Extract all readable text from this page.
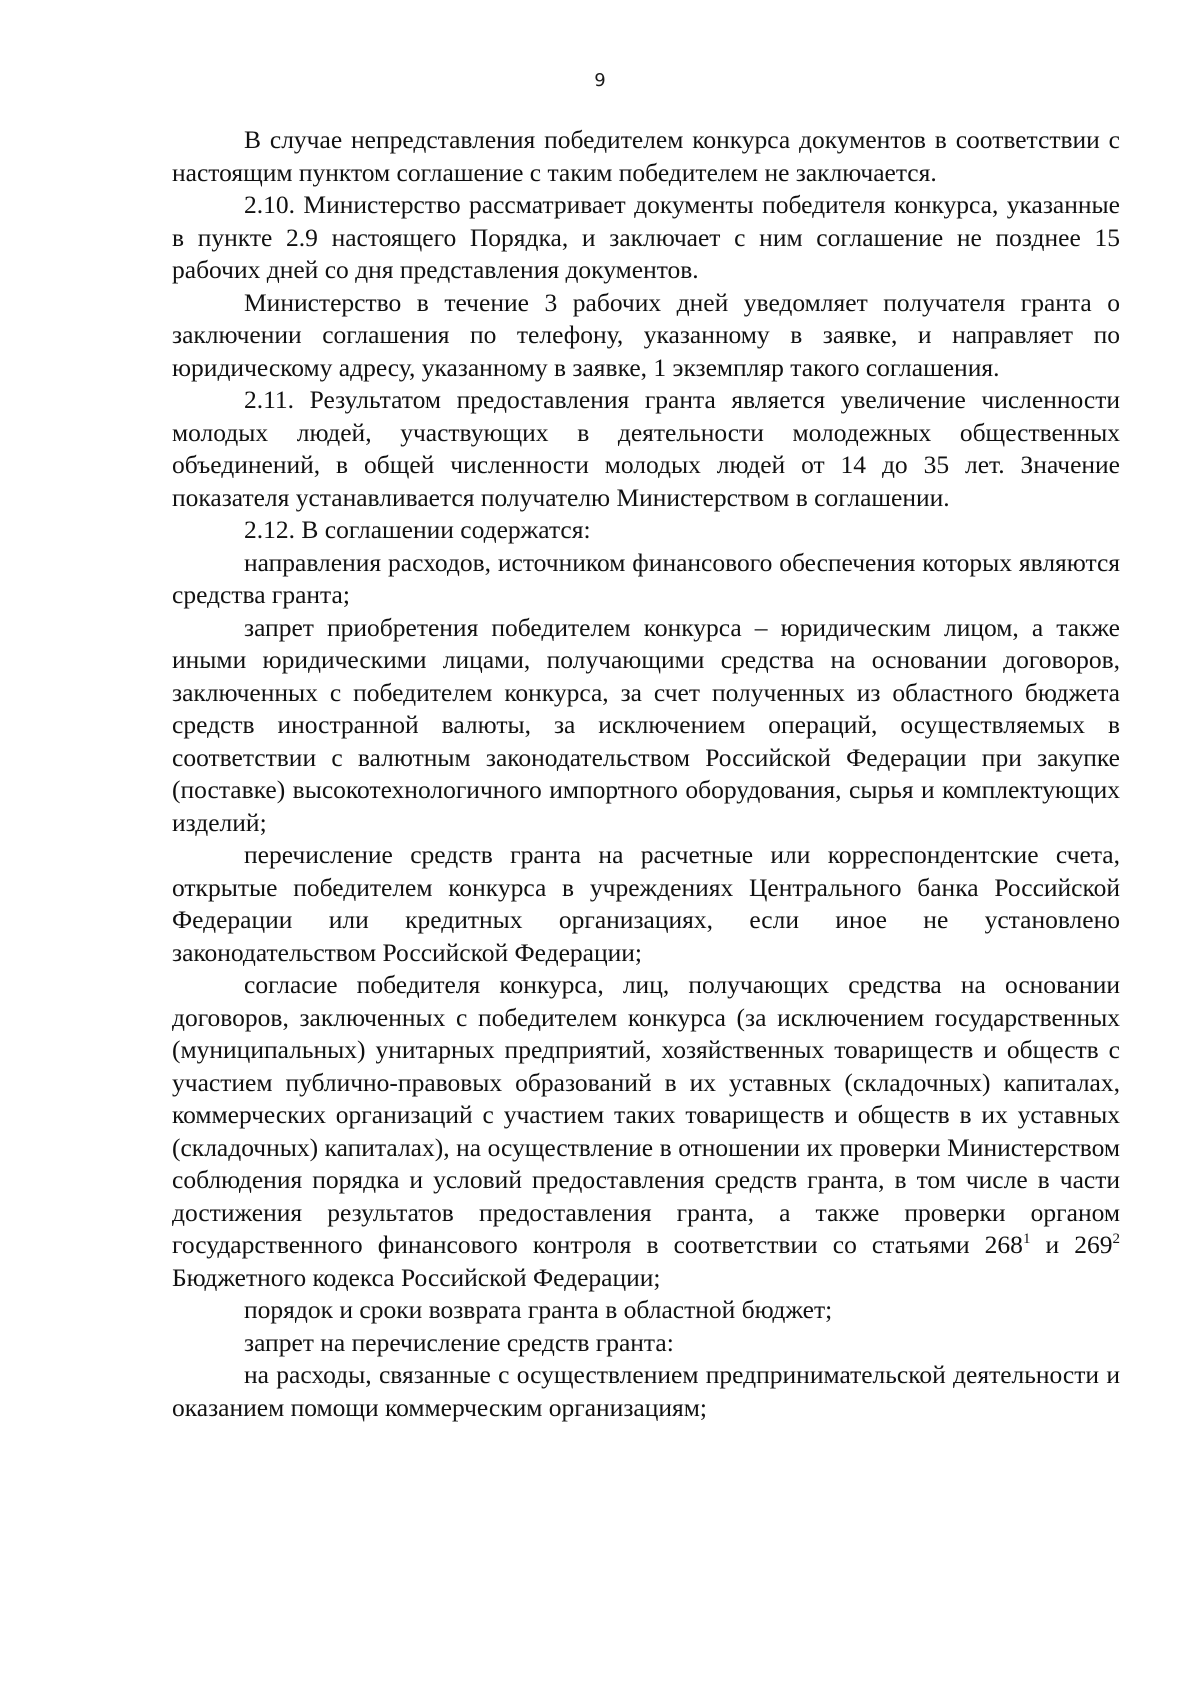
9

В случае непредставления победителем конкурса документов в соответствии с настоящим пунктом соглашение с таким победителем не заключается.

2.10. Министерство рассматривает документы победителя конкурса, указанные в пункте 2.9 настоящего Порядка, и заключает с ним соглашение не позднее 15 рабочих дней со дня представления документов.

Министерство в течение 3 рабочих дней уведомляет получателя гранта о заключении соглашения по телефону, указанному в заявке, и направляет по юридическому адресу, указанному в заявке, 1 экземпляр такого соглашения.

2.11. Результатом предоставления гранта является увеличение численности молодых людей, участвующих в деятельности молодежных общественных объединений, в общей численности молодых людей от 14 до 35 лет. Значение показателя устанавливается получателю Министерством в соглашении.

2.12. В соглашении содержатся:

направления расходов, источником финансового обеспечения которых являются средства гранта;

запрет приобретения победителем конкурса – юридическим лицом, а также иными юридическими лицами, получающими средства на основании договоров, заключенных с победителем конкурса, за счет полученных из областного бюджета средств иностранной валюты, за исключением операций, осуществляемых в соответствии с валютным законодательством Российской Федерации при закупке (поставке) высокотехнологичного импортного оборудования, сырья и комплектующих изделий;

перечисление средств гранта на расчетные или корреспондентские счета, открытые победителем конкурса в учреждениях Центрального банка Российской Федерации или кредитных организациях, если иное не установлено законодательством Российской Федерации;

согласие победителя конкурса, лиц, получающих средства на основании договоров, заключенных с победителем конкурса (за исключением государственных (муниципальных) унитарных предприятий, хозяйственных товариществ и обществ с участием публично-правовых образований в их уставных (складочных) капиталах, коммерческих организаций с участием таких товариществ и обществ в их уставных (складочных) капиталах), на осуществление в отношении их проверки Министерством соблюдения порядка и условий предоставления средств гранта, в том числе в части достижения результатов предоставления гранта, а также проверки органом государственного финансового контроля в соответствии со статьями $268^1$ и $269^2$ Бюджетного кодекса Российской Федерации;

порядок и сроки возврата гранта в областной бюджет;

запрет на перечисление средств гранта:

на расходы, связанные с осуществлением предпринимательской деятельности и оказанием помощи коммерческим организациям;
